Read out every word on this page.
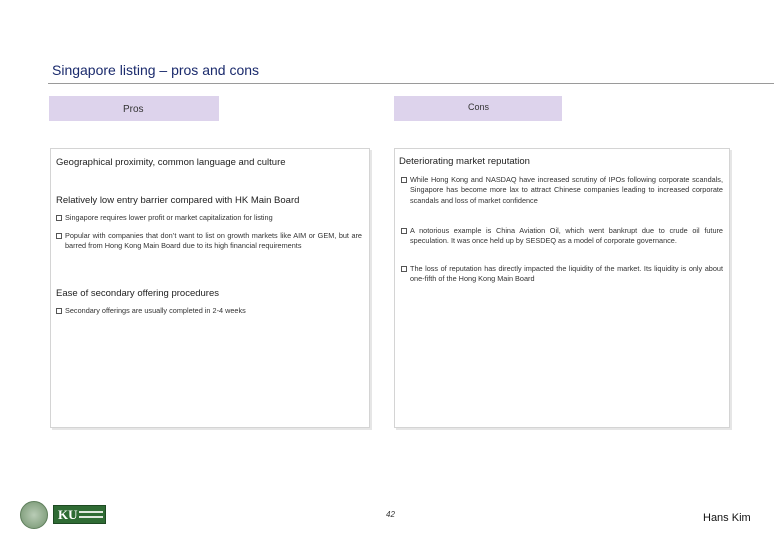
Singapore listing – pros and cons
Pros	Cons
Geographical proximity, common language and culture
Relatively low entry barrier compared with HK Main Board
Singapore requires lower profit or market capitalization for listing
Popular with companies that don’t want to list on growth markets like AIM or GEM, but are barred from Hong Kong Main Board due to its high financial requirements
Ease of secondary offering procedures
Secondary offerings are usually completed in 2-4 weeks
Deteriorating market reputation
While Hong Kong and NASDAQ have increased scrutiny of IPOs following corporate scandals, Singapore has become more lax to attract Chinese companies leading to increased corporate scandals and loss of market confidence
A notorious example is China Aviation Oil, which went bankrupt due to crude oil future speculation. It was once held up by SESDEQ as a model of corporate governance.
The loss of reputation has directly impacted the liquidity of the market. Its liquidity is only about one-fifth of the Hong Kong Main Board
KU	42	Hans Kim
